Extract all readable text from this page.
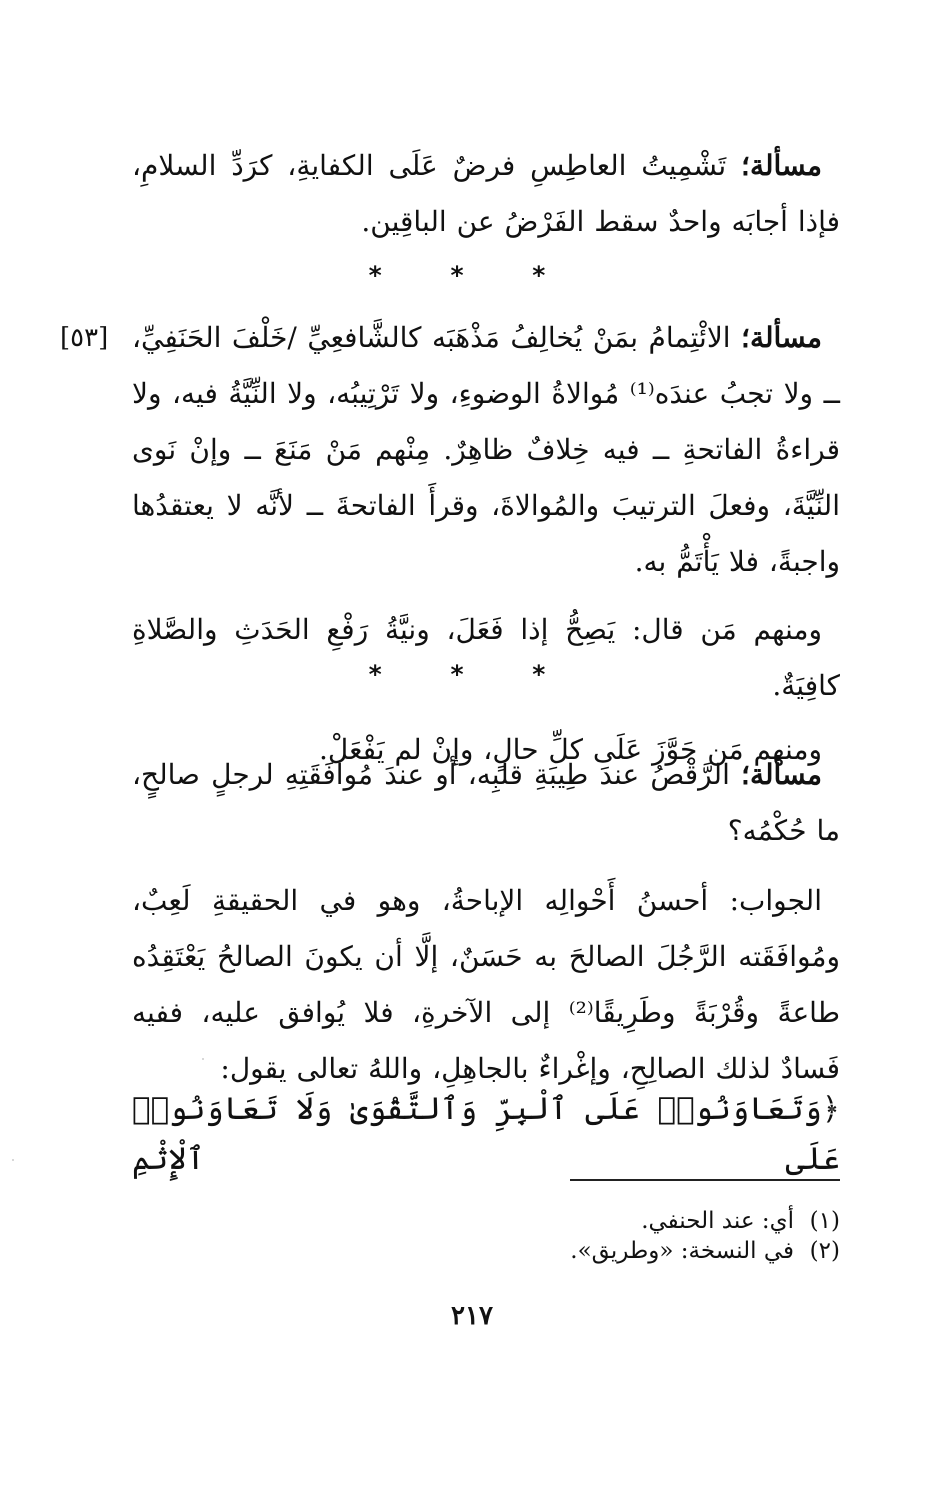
مسألة؛ تَشْمِيتُ العاطِسِ فرضٌ عَلَى الكفايةِ، كرَدِّ السلامِ، فإذا أجابَه واحدٌ سقط الفَرْضُ عن الباقِين.

* * *
[٥٣]	مسألة؛ الائْتِمامُ بمَنْ يُخالِفُ مَذْهَبَه كالشَّافعِيِّ /خَلْفَ الحَنَفِيِّ، ــ ولا تجبُ عندَه⁽¹⁾ مُوالاةُ الوضوءِ، ولا تَرْتِيبُه، ولا النِّيَّةُ فيه، ولا قراءةُ الفاتحةِ ــ فيه خِلافٌ ظاهِرٌ. مِنْهم مَنْ مَنَعَ ــ وإنْ نَوى النِّيَّةَ، وفعلَ الترتيبَ والمُوالاةَ، وقرأَ الفاتحةَ ــ لأنَّه لا يعتقدُها واجبةً، فلا يَأْتَمُّ به.

ومنهم مَن قال: يَصِحُّ إذا فَعَلَ، ونيَّةُ رَفْعِ الحَدَثِ والصَّلاةِ كافِيَةٌ.

ومنهم مَن جَوَّزَ عَلَى كلِّ حالٍ، وإنْ لم يَفْعَلْ.

* * *

مسألة؛ الرَّقْصُ عندَ طِيبَةِ قلبِه، أو عندَ مُوافَقَتِهِ لرجلٍ صالحٍ، ما حُكْمُه؟

الجواب: أحسنُ أَحْوالِه الإباحةُ، وهو في الحقيقةِ لَعِبٌ، ومُوافَقَته الرَّجُلَ الصالحَ به حَسَنٌ، إلَّا أن يكونَ الصالحُ يَعْتَقِدُه طاعةً وقُرْبَةً وطَرِيقًا⁽²⁾ إلى الآخرةِ، فلا يُوافق عليه، ففيه فَسادٌ لذلك الصالِحِ، وإغْراءٌ بالجاهِلِ، واللهُ تعالى يقول:

﴿وَتَعَاوَنُوا۟ عَلَى ٱلْبِرِّ وَٱلتَّقْوَىٰ وَلَا تَعَاوَنُوا۟ عَلَى ٱلْإِثْمِ

(١)
أي: عند الحنفي.

(٢)
في النسخة: «وطريق».

٢١٧
